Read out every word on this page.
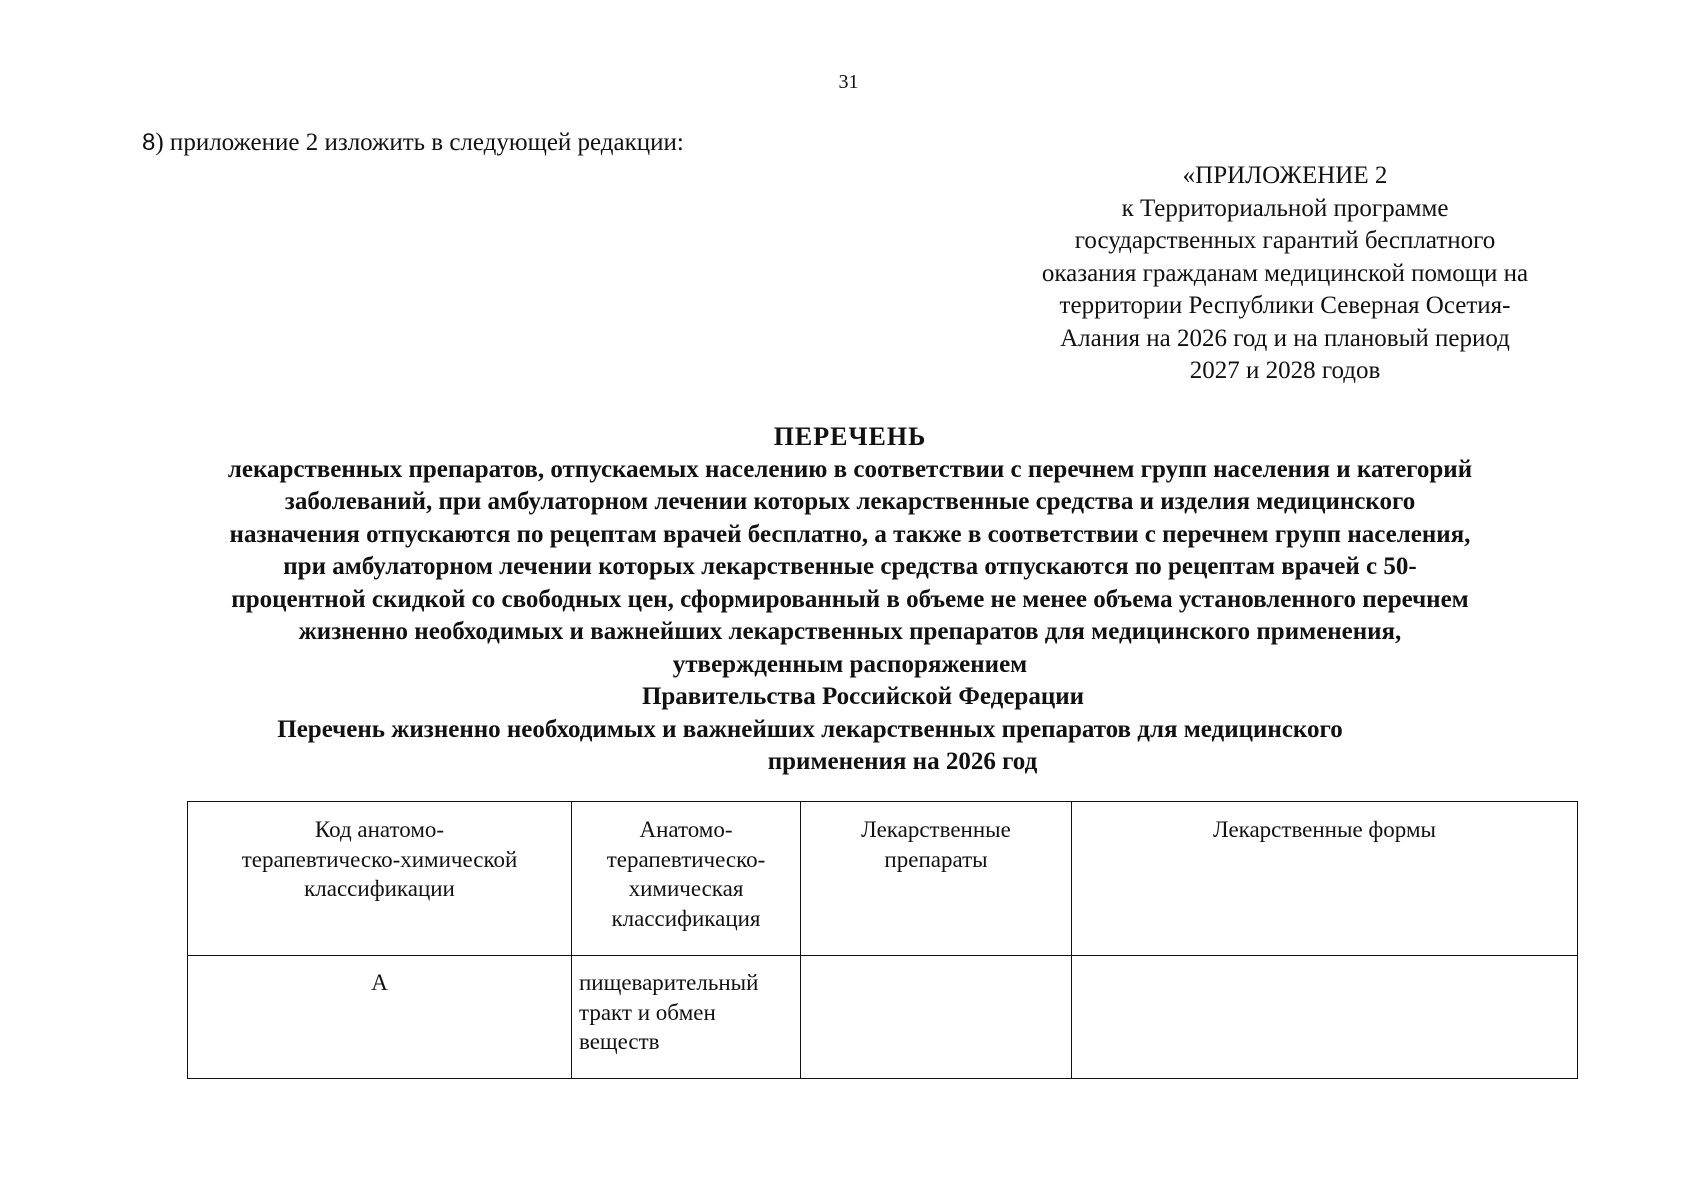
31
8) приложение 2 изложить в следующей редакции:
«ПРИЛОЖЕНИЕ 2
к Территориальной программе
государственных гарантий бесплатного
оказания гражданам медицинской помощи на
территории Республики Северная Осетия-
Алания на 2026 год и на плановый период
2027 и 2028 годов
ПЕРЕЧЕНЬ
лекарственных препаратов, отпускаемых населению в соответствии с перечнем групп населения и категорий
заболеваний, при амбулаторном лечении которых лекарственные средства и изделия медицинского
назначения отпускаются по рецептам врачей бесплатно, а также в соответствии с перечнем групп населения,
при амбулаторном лечении которых лекарственные средства отпускаются по рецептам врачей с 50-
процентной скидкой со свободных цен, сформированный в объеме не менее объема установленного перечнем
жизненно необходимых и важнейших лекарственных препаратов для медицинского применения,
утвержденным распоряжением
Правительства Российской Федерации
Перечень жизненно необходимых и важнейших лекарственных препаратов для медицинского
применения на 2026 год
Код анатомо-
терапевтическо-химической
классификации	Анатомо-
терапевтическо-
химическая
классификация	Лекарственные
препараты	Лекарственные формы

A	пищеварительный
тракт и обмен
веществ		
